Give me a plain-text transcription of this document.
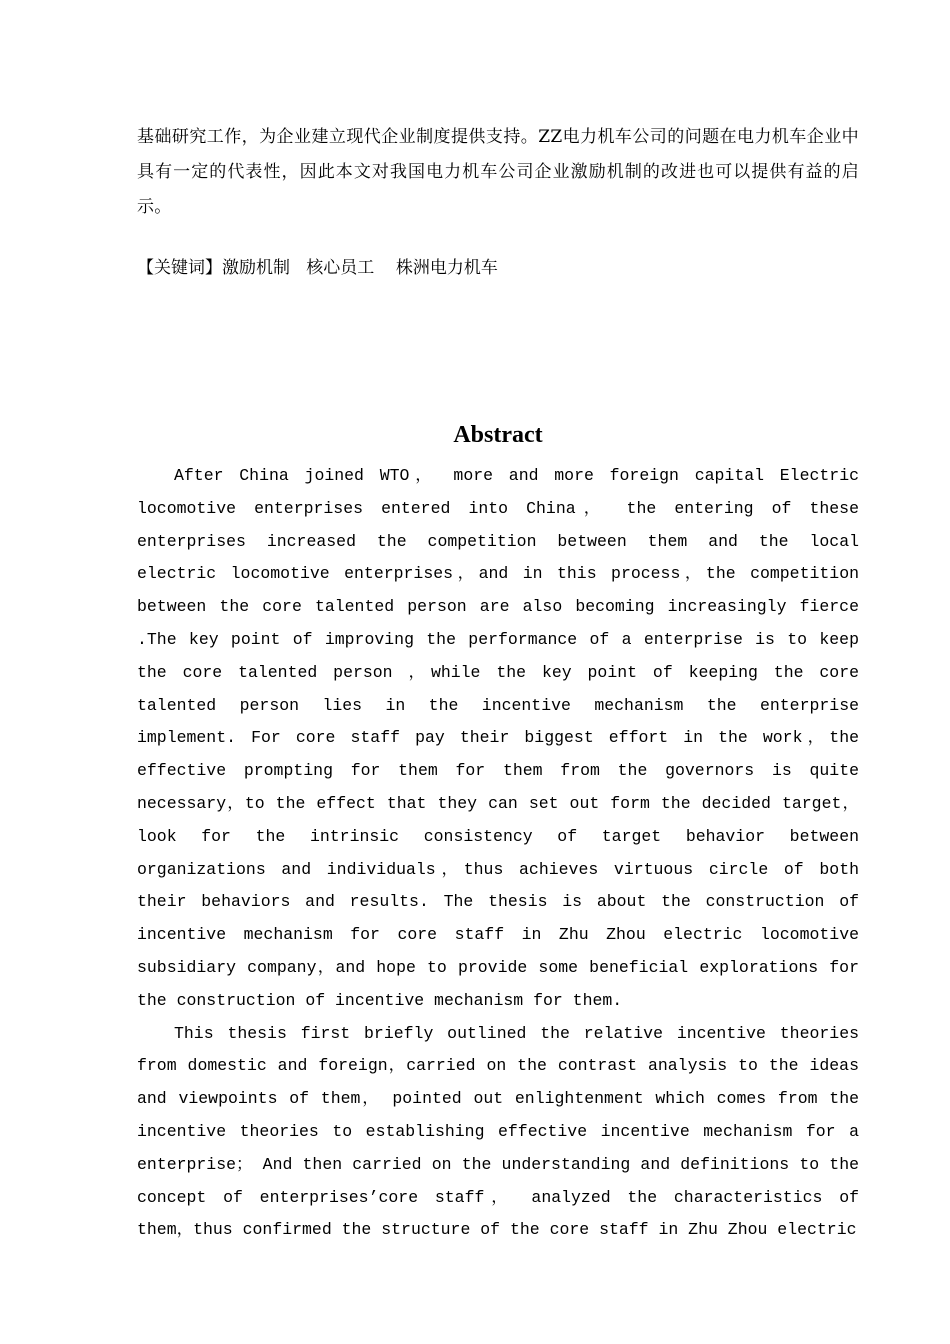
基础研究工作，为企业建立现代企业制度提供支持。ZZ电力机车公司的问题在电力机车企业中具有一定的代表性，因此本文对我国电力机车公司企业激励机制的改进也可以提供有益的启示。

【关键词】激励机制 核心员工 株洲电力机车

Abstract

After China joined WTO， more and more foreign capital Electric locomotive enterprises entered into China， the entering of these enterprises increased the competition between them and the local electric locomotive enterprises，and in this process，the competition between the core talented person are also becoming increasingly fierce .The key point of improving the performance of a enterprise is to keep the core talented person ，while the key point of keeping the core talented person lies in the incentive mechanism the enterprise implement. For core staff pay their biggest effort in the work，the effective prompting for them for them from the governors is quite necessary，to the effect that they can set out form the decided target，look for the intrinsic consistency of target behavior between organizations and individuals，thus achieves virtuous circle of both their behaviors and results. The thesis is about the construction of incentive mechanism for core staff in Zhu Zhou electric locomotive subsidiary company，and hope to provide some beneficial explorations for the construction of incentive mechanism for them.

This thesis first briefly outlined the relative incentive theories from domestic and foreign，carried on the contrast analysis to the ideas and viewpoints of them， pointed out enlightenment which comes from the incentive theories to establishing effective incentive mechanism for a enterprise； And then carried on the understanding and definitions to the concept of enterprises’core staff， analyzed the characteristics of them，thus confirmed the structure of the core staff in Zhu Zhou electric
